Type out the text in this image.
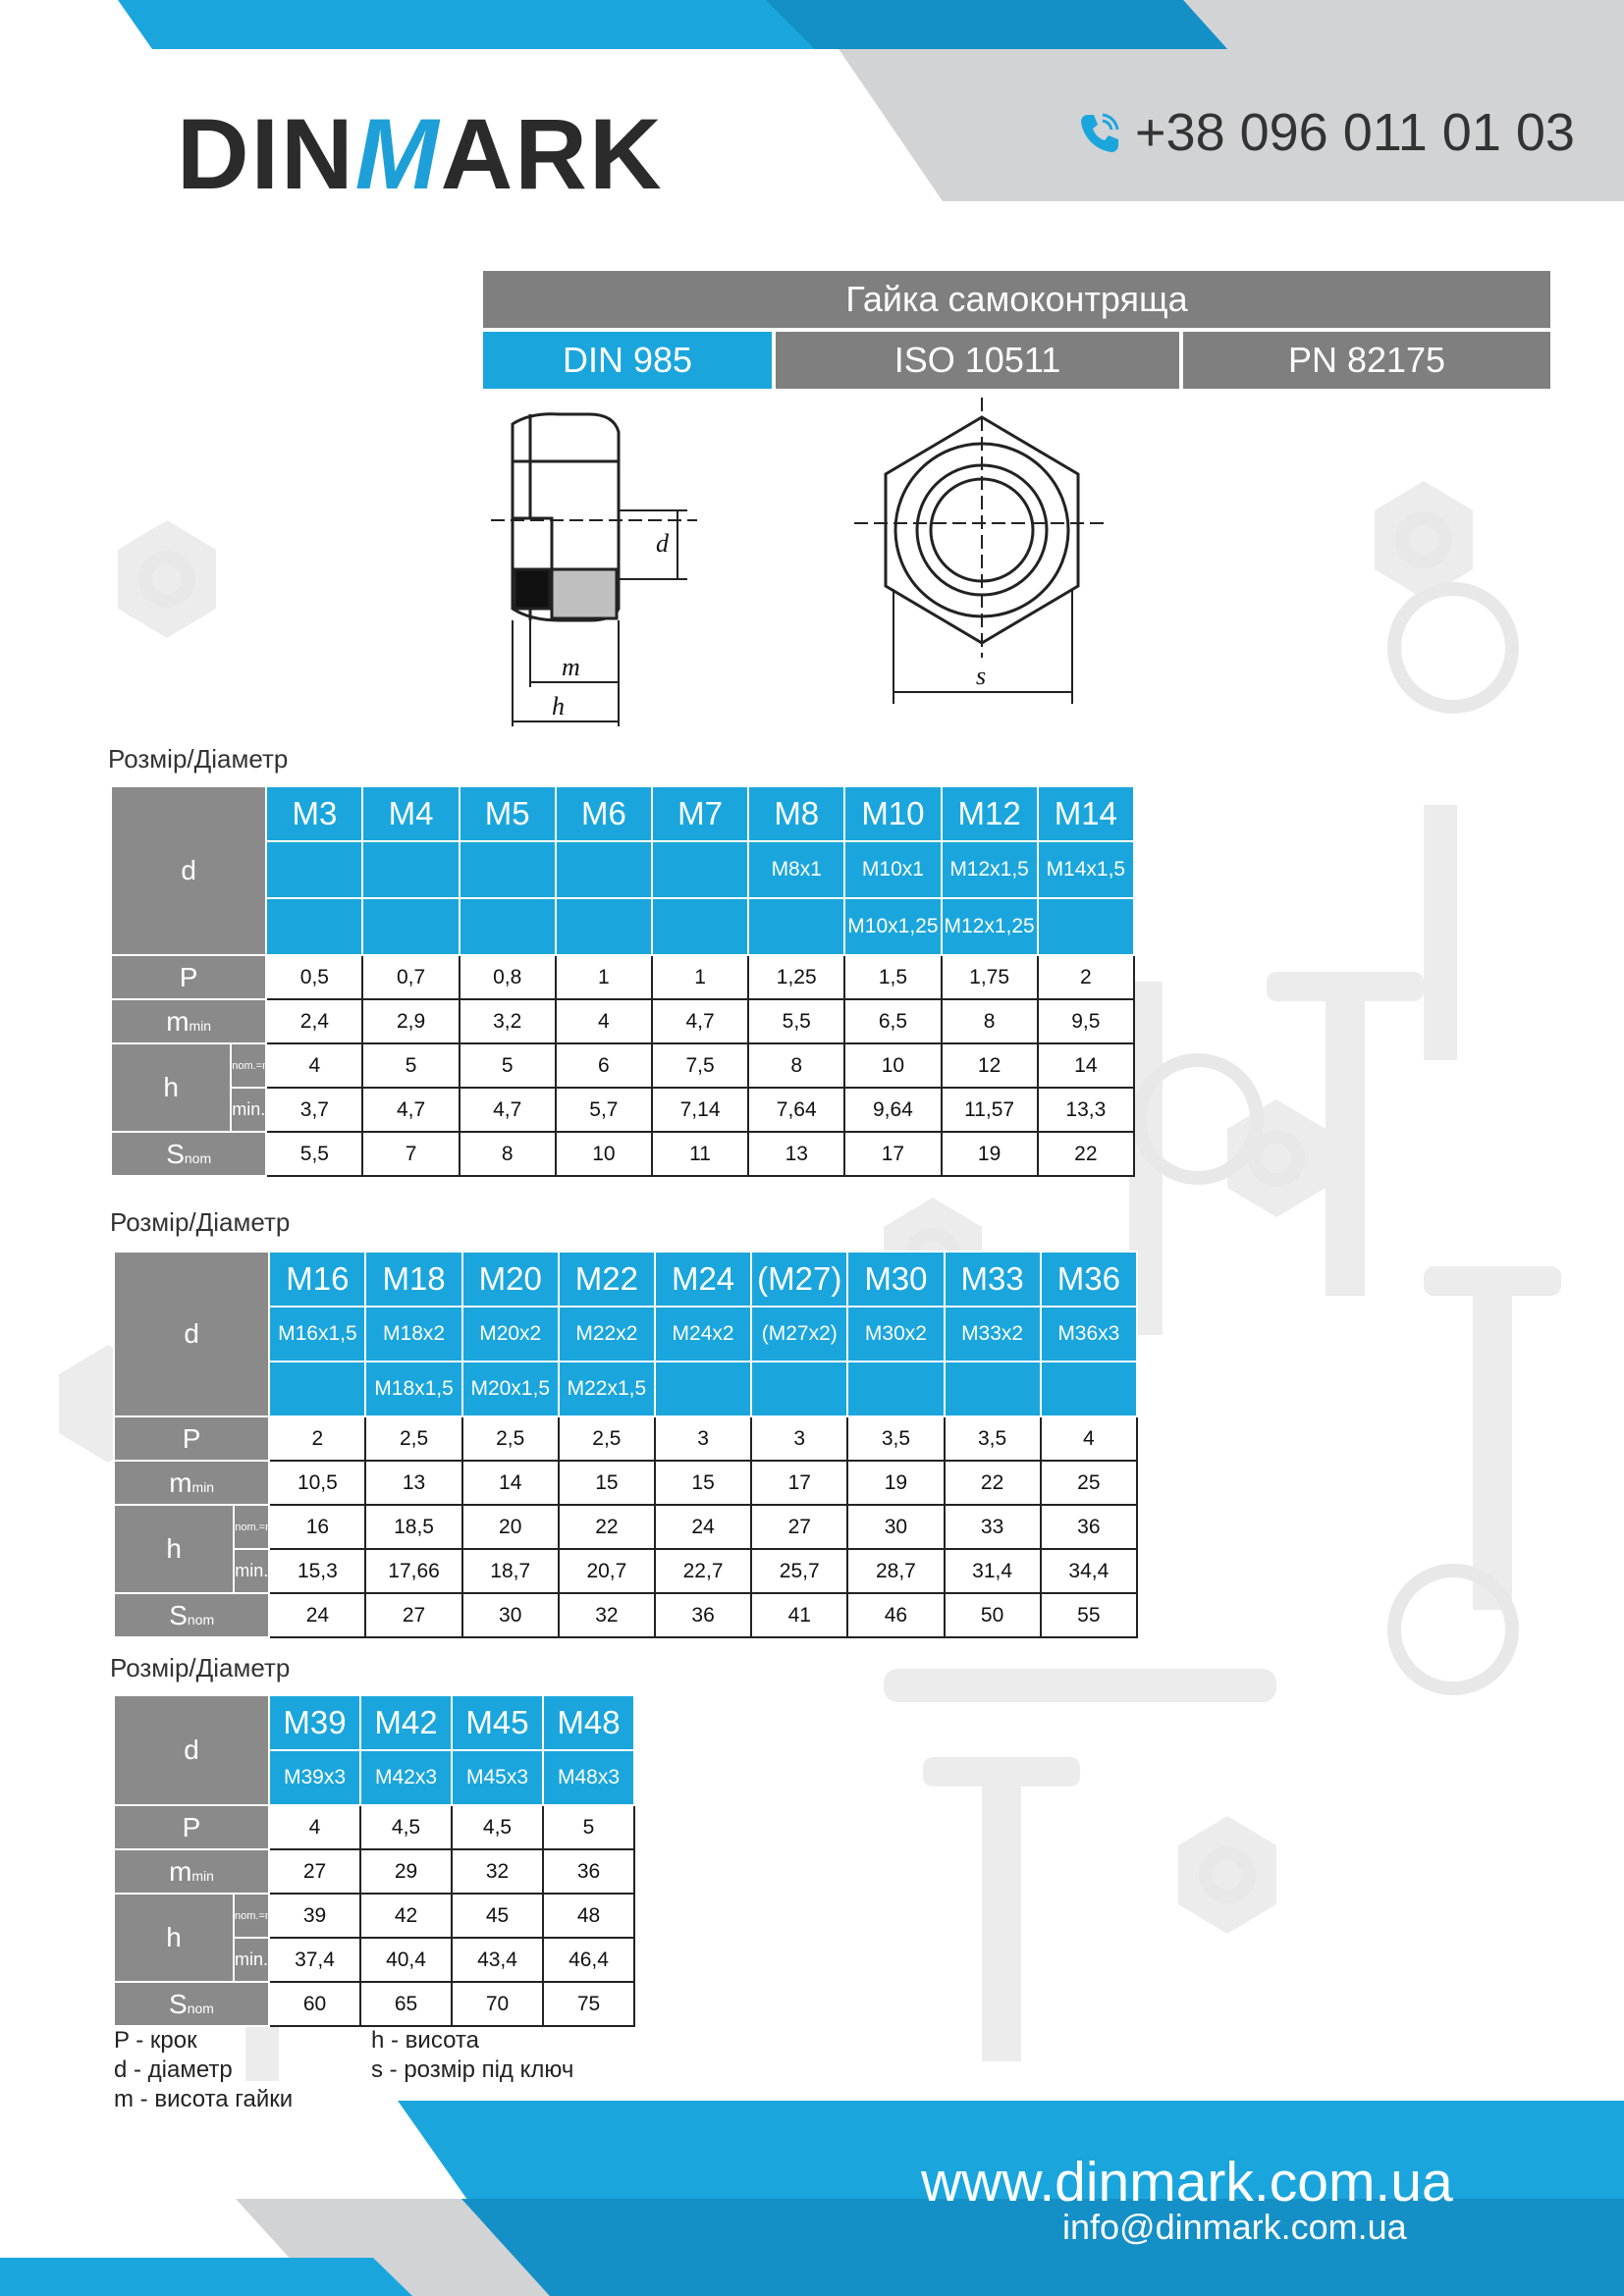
DINMARK	+38 096 011 01 03
Гайка самоконтряща
DIN 985	ISO 10511	PN 82175
d
m
h
s
Розмір/Діаметр
d		M3	M4	M5	M6	M7	M8	M10	M12	M14
							M8x1	M10x1	M12x1,5	M14x1,5
								M10x1,25	M12x1,25	
P		0,5	0,7	0,8	1	1	1,25	1,5	1,75	2
mmin		2,4	2,9	3,2	4	4,7	5,5	6,5	8	9,5
h	nom.=max.	4	5	5	6	7,5	8	10	12	14
	min.	3,7	4,7	4,7	5,7	7,14	7,64	9,64	11,57	13,3
Snom		5,5	7	8	10	11	13	17	19	22
Розмір/Діаметр
d		M16	M18	M20	M22	M24	(M27)	M30	M33	M36
		M16x1,5	M18x2	M20x2	M22x2	M24x2	(M27x2)	M30x2	M33x2	M36x3
			M18x1,5	M20x1,5	M22x1,5					
P		2	2,5	2,5	2,5	3	3	3,5	3,5	4
mmin		10,5	13	14	15	15	17	19	22	25
h	nom.=max.	16	18,5	20	22	24	27	30	33	36
	min.	15,3	17,66	18,7	20,7	22,7	25,7	28,7	31,4	34,4
Snom		24	27	30	32	36	41	46	50	55
Розмір/Діаметр
d		M39	M42	M45	M48
		M39x3	M42x3	M45x3	M48x3
P		4	4,5	4,5	5
mmin		27	29	32	36
h	nom.=max.	39	42	45	48
	min.	37,4	40,4	43,4	46,4
Snom		60	65	70	75
P - крок
d - діаметр
m - висота гайки
h - висота
s - розмір під ключ
www.dinmark.com.ua
info@dinmark.com.ua
